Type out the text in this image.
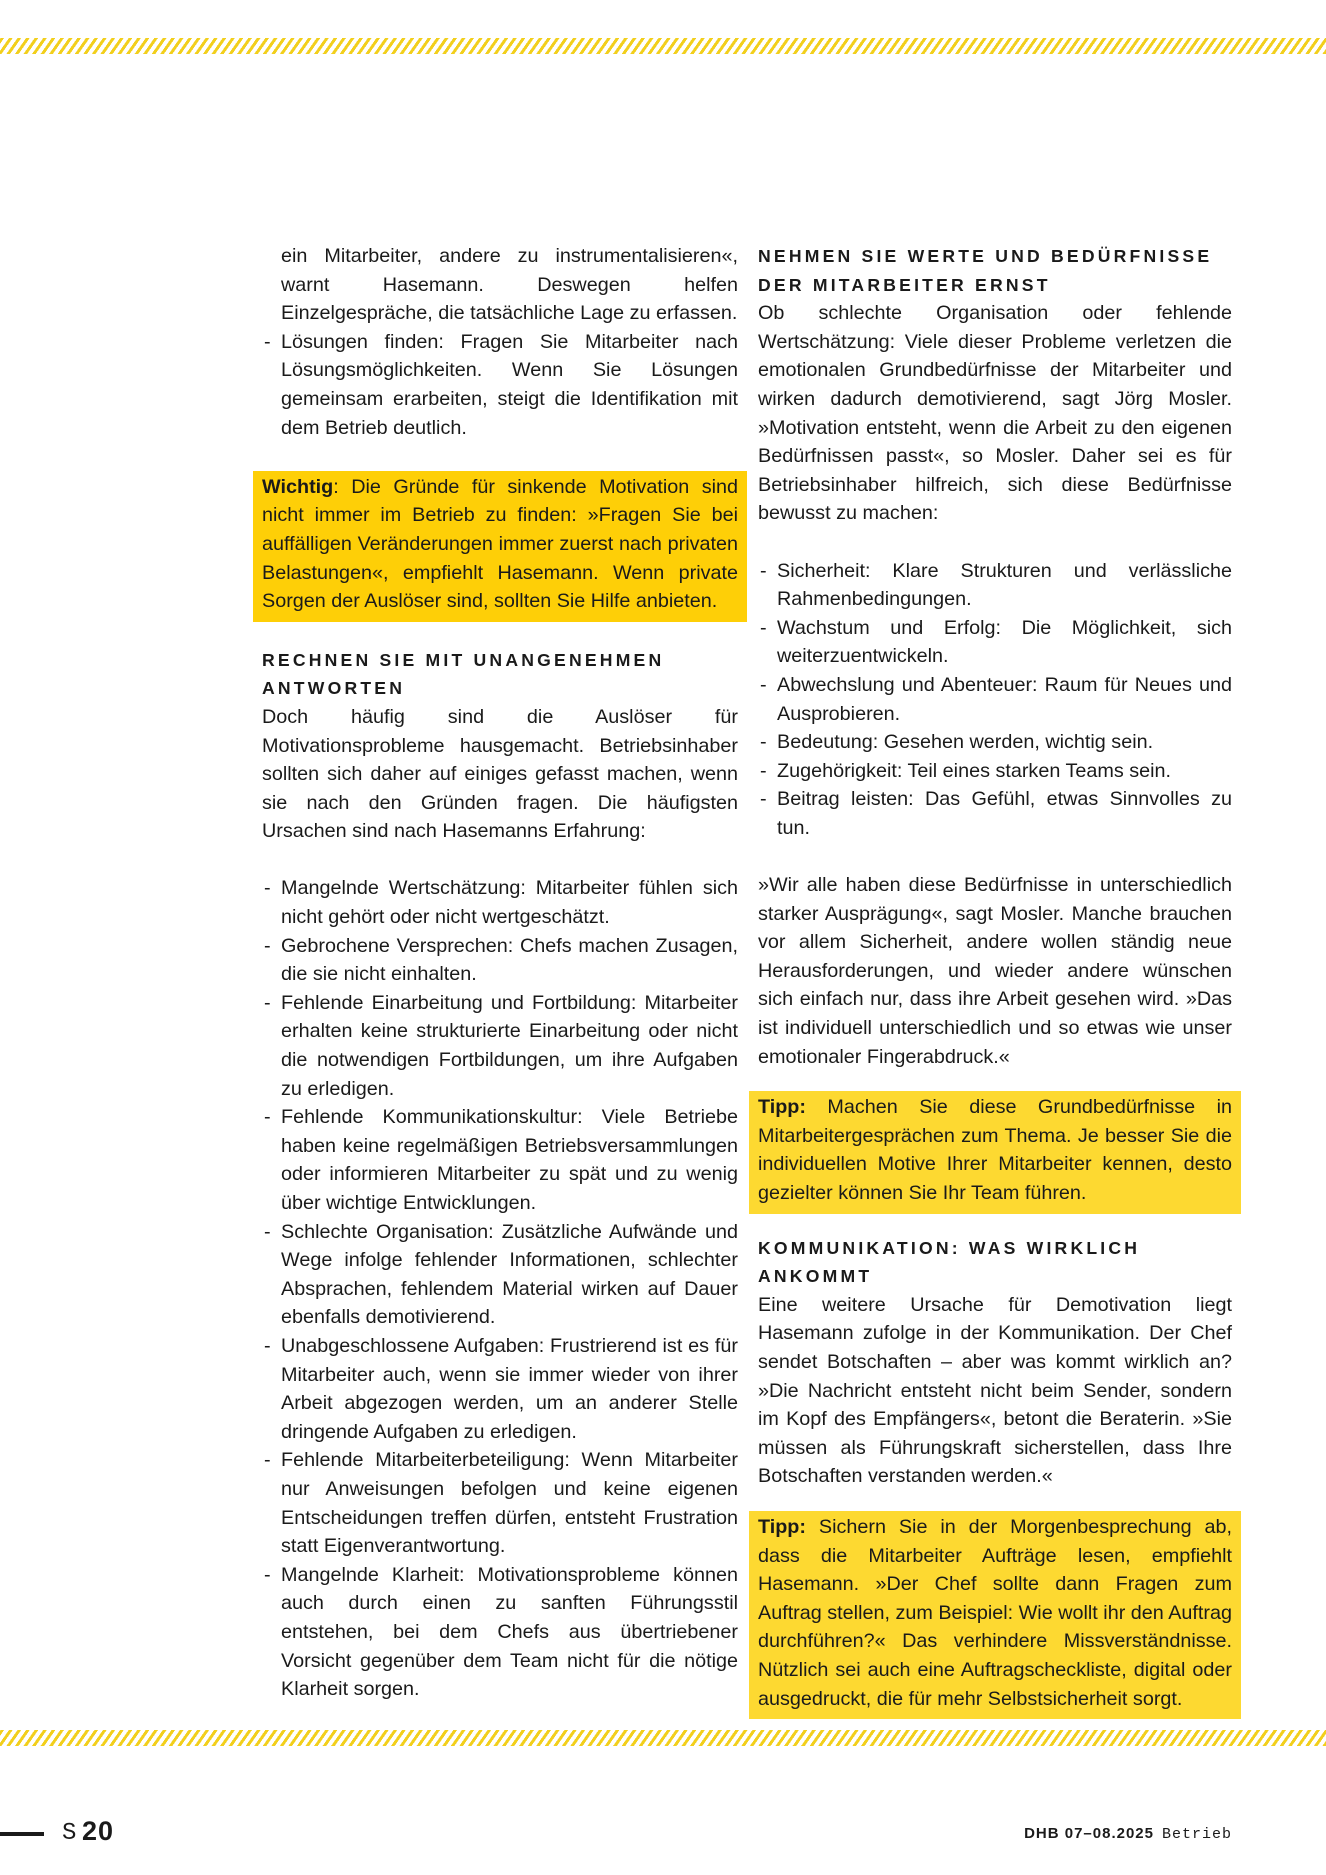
ein Mitarbeiter, andere zu instrumentalisieren«, warnt Hasemann. Deswegen helfen Einzelgespräche, die tatsächliche Lage zu erfassen.

- Lösungen finden: Fragen Sie Mitarbeiter nach Lösungsmöglichkeiten. Wenn Sie Lösungen gemeinsam erarbeiten, steigt die Identifikation mit dem Betrieb deutlich.
Wichtig: Die Gründe für sinkende Motivation sind nicht immer im Betrieb zu finden: »Fragen Sie bei auffälligen Veränderungen immer zuerst nach privaten Belastungen«, empfiehlt Hasemann. Wenn private Sorgen der Auslöser sind, sollten Sie Hilfe anbieten.
RECHNEN SIE MIT UNANGENEHMEN ANTWORTEN

Doch häufig sind die Auslöser für Motivationsprobleme hausgemacht. Betriebsinhaber sollten sich daher auf einiges gefasst machen, wenn sie nach den Gründen fragen. Die häufigsten Ursachen sind nach Hasemanns Erfahrung:

- Mangelnde Wertschätzung: Mitarbeiter fühlen sich nicht gehört oder nicht wertgeschätzt.
- Gebrochene Versprechen: Chefs machen Zusagen, die sie nicht einhalten.
- Fehlende Einarbeitung und Fortbildung: Mitarbeiter erhalten keine strukturierte Einarbeitung oder nicht die notwendigen Fortbildungen, um ihre Aufgaben zu erledigen.
- Fehlende Kommunikationskultur: Viele Betriebe haben keine regelmäßigen Betriebsversammlungen oder informieren Mitarbeiter zu spät und zu wenig über wichtige Entwicklungen.
- Schlechte Organisation: Zusätzliche Aufwände und Wege infolge fehlender Informationen, schlechter Absprachen, fehlendem Material wirken auf Dauer ebenfalls demotivierend.
- Unabgeschlossene Aufgaben: Frustrierend ist es für Mitarbeiter auch, wenn sie immer wieder von ihrer Arbeit abgezogen werden, um an anderer Stelle dringende Aufgaben zu erledigen.
- Fehlende Mitarbeiterbeteiligung: Wenn Mitarbeiter nur Anweisungen befolgen und keine eigenen Entscheidungen treffen dürfen, entsteht Frustration statt Eigenverantwortung.
- Mangelnde Klarheit: Motivationsprobleme können auch durch einen zu sanften Führungsstil entstehen, bei dem Chefs aus übertriebener Vorsicht gegenüber dem Team nicht für die nötige Klarheit sorgen.
NEHMEN SIE WERTE UND BEDÜRFNISSE DER MITARBEITER ERNST

Ob schlechte Organisation oder fehlende Wertschätzung: Viele dieser Probleme verletzen die emotionalen Grundbedürfnisse der Mitarbeiter und wirken dadurch demotivierend, sagt Jörg Mosler. »Motivation entsteht, wenn die Arbeit zu den eigenen Bedürfnissen passt«, so Mosler. Daher sei es für Betriebsinhaber hilfreich, sich diese Bedürfnisse bewusst zu machen:

- Sicherheit: Klare Strukturen und verlässliche Rahmenbedingungen.
- Wachstum und Erfolg: Die Möglichkeit, sich weiterzuentwickeln.
- Abwechslung und Abenteuer: Raum für Neues und Ausprobieren.
- Bedeutung: Gesehen werden, wichtig sein.
- Zugehörigkeit: Teil eines starken Teams sein.
- Beitrag leisten: Das Gefühl, etwas Sinnvolles zu tun.

»Wir alle haben diese Bedürfnisse in unterschiedlich starker Ausprägung«, sagt Mosler. Manche brauchen vor allem Sicherheit, andere wollen ständig neue Herausforderungen, und wieder andere wünschen sich einfach nur, dass ihre Arbeit gesehen wird. »Das ist individuell unterschiedlich und so etwas wie unser emotionaler Fingerabdruck.«

Tipp: Machen Sie diese Grundbedürfnisse in Mitarbeitergesprächen zum Thema. Je besser Sie die individuellen Motive Ihrer Mitarbeiter kennen, desto gezielter können Sie Ihr Team führen.
KOMMUNIKATION: WAS WIRKLICH ANKOMMT

Eine weitere Ursache für Demotivation liegt Hasemann zufolge in der Kommunikation. Der Chef sendet Botschaften – aber was kommt wirklich an? »Die Nachricht entsteht nicht beim Sender, sondern im Kopf des Empfängers«, betont die Beraterin. »Sie müssen als Führungskraft sicherstellen, dass Ihre Botschaften verstanden werden.«

Tipp: Sichern Sie in der Morgenbesprechung ab, dass die Mitarbeiter Aufträge lesen, empfiehlt Hasemann. »Der Chef sollte dann Fragen zum Auftrag stellen, zum Beispiel: Wie wollt ihr den Auftrag durchführen?« Das verhindere Missverständnisse. Nützlich sei auch eine Auftragscheckliste, digital oder ausgedruckt, die für mehr Selbstsicherheit sorgt.
S 20	DHB 07–08.2025 Betrieb
